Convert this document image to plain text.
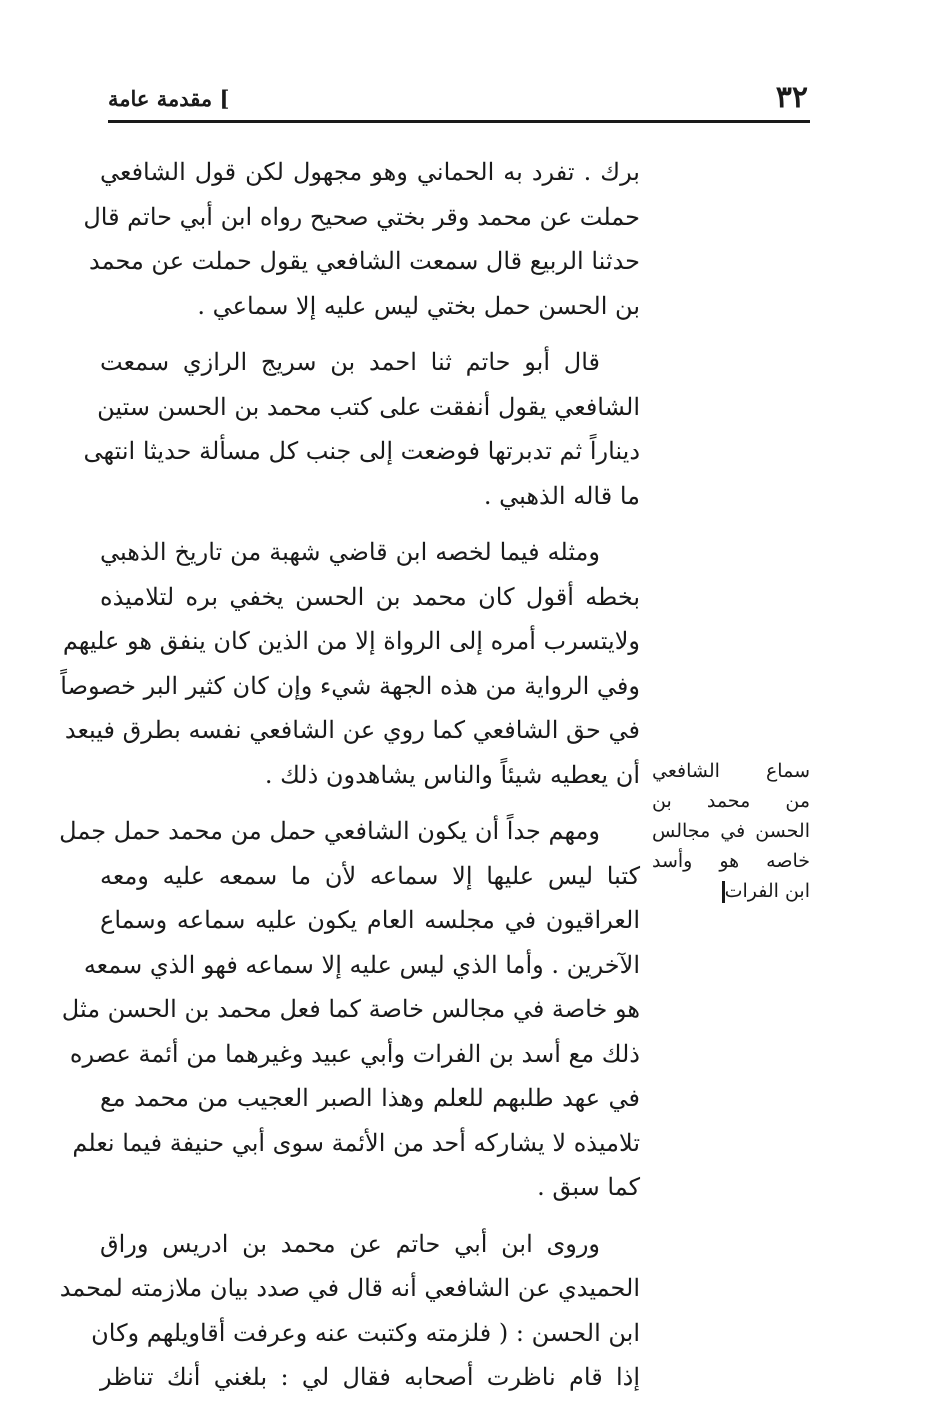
٣٢
] مقدمة عامة

برك . تفرد به الحماني وهو مجهول لكن قول الشافعي
حملت عن محمد وقر بختي صحيح رواه ابن أبي حاتم قال
حدثنا الربيع قال سمعت الشافعي يقول حملت عن محمد
بن الحسن حمل بختي ليس عليه إلا سماعي .

قال أبو حاتم ثنا احمد بن سريج الرازي سمعت
الشافعي يقول أنفقت على كتب محمد بن الحسن ستين
ديناراً ثم تدبرتها فوضعت إلى جنب كل مسألة حديثا انتهى
ما قاله الذهبي .

ومثله فيما لخصه ابن قاضي شهبة من تاريخ الذهبي
بخطه أقول كان محمد بن الحسن يخفي بره لتلاميذه
ولايتسرب أمره إلى الرواة إلا من الذين كان ينفق هو عليهم
وفي الرواية من هذه الجهة شيء وإن كان كثير البر خصوصاً
في حق الشافعي كما روي عن الشافعي نفسه بطرق فيبعد
أن يعطيه شيئاً والناس يشاهدون ذلك .

ومهم جداً أن يكون الشافعي حمل من محمد حمل جمل
كتبا ليس عليها إلا سماعه لأن ما سمعه عليه ومعه
العراقيون في مجلسه العام يكون عليه سماعه وسماع
الآخرين . وأما الذي ليس عليه إلا سماعه فهو الذي سمعه
هو خاصة في مجالس خاصة كما فعل محمد بن الحسن مثل
ذلك مع أسد بن الفرات وأبي عبيد وغيرهما من أئمة عصره
في عهد طلبهم للعلم وهذا الصبر العجيب من محمد مع
تلاميذه لا يشاركه أحد من الأئمة سوى أبي حنيفة فيما نعلم
كما سبق .

وروى ابن أبي حاتم عن محمد بن ادريس وراق
الحميدي عن الشافعي أنه قال في صدد بيان ملازمته لمحمد
ابن الحسن : ( فلزمته وكتبت عنه وعرفت أقاويلهم وكان
إذا قام ناظرت أصحابه فقال لي : بلغني أنك تناظر

سماع الشافعي
من محمد بن
الحسن في مجالس
خاصه هو وأسد
ابن الفرات
